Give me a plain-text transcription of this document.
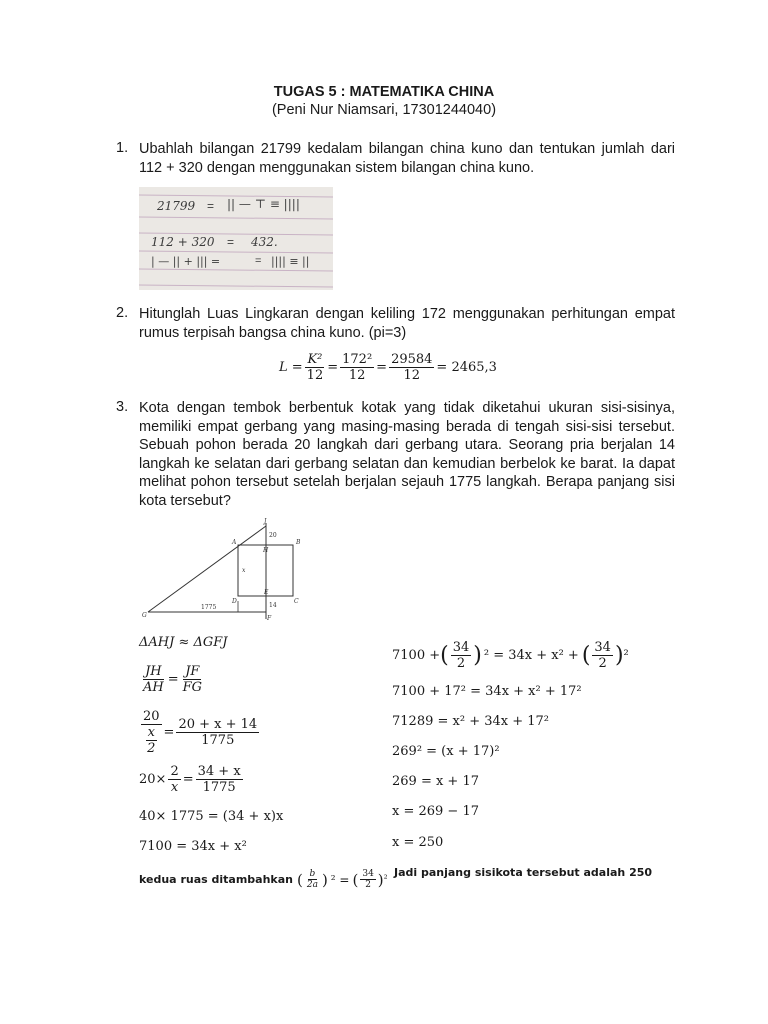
TUGAS 5 : MATEMATIKA CHINA
(Peni Nur Niamsari, 17301244040)
1. Ubahlah bilangan 21799 kedalam bilangan china kuno dan tentukan jumlah dari
112 + 320 dengan menggunakan sistem bilangan china kuno.
21799 = || — ⊤ ≡ ||||
112 + 320 = 432.
| — || + ||| =	= |||| ≡ ||
2. Hitunglah Luas Lingkaran dengan keliling 172 menggunakan perhitungan empat
rumus terpisah bangsa china kuno. (pi=3)
$L = \frac{\text{K²}}{12} = \frac{\text{172²}}{12} = \frac{29584}{12} = 2465,3$
3. Kota dengan tembok berbentuk kotak yang tidak diketahui ukuran sisi-sisinya,
memiliki empat gerbang yang masing-masing berada di tengah sisi-sisi tersebut.
Sebuah pohon berada 20 langkah dari gerbang utara. Seorang pria berjalan 14
langkah ke selatan dari gerbang selatan dan kemudian berbelok ke barat. Ia dapat
melihat pohon tersebut setelah berjalan sejauh 1775 langkah. Berapa panjang sisi
kota tersebut?
J
20
A
H
B
x
D
E
C
14
1775
G	F
ΔAHJ ≈ ΔGFJ
$\frac{JH}{AH} = \frac{JF}{FG}$
$\frac{20}{\frac{x}{2}} = \frac{20 + x + 14}{1775}$
$20\times \frac{2}{x} = \frac{34 + x}{1775}$
40× 1775 = (34 + x)x
7100 = 34x + x²
kedua ruas ditambahkan ( $\frac{b}{2a}$ ) ² = ( $\frac{34}{2}$ ) ²
7100 + ( $\frac{34}{2}$ ) ² = 34x + x² + ( $\frac{34}{2}$ ) ²
7100 + 17² = 34x + x² + 17²
71289 = x² + 34x + 17²
269² = (x + 17)²
269 = x + 17
x = 269 − 17
x = 250
Jadi panjang sisikota tersebut adalah 250
